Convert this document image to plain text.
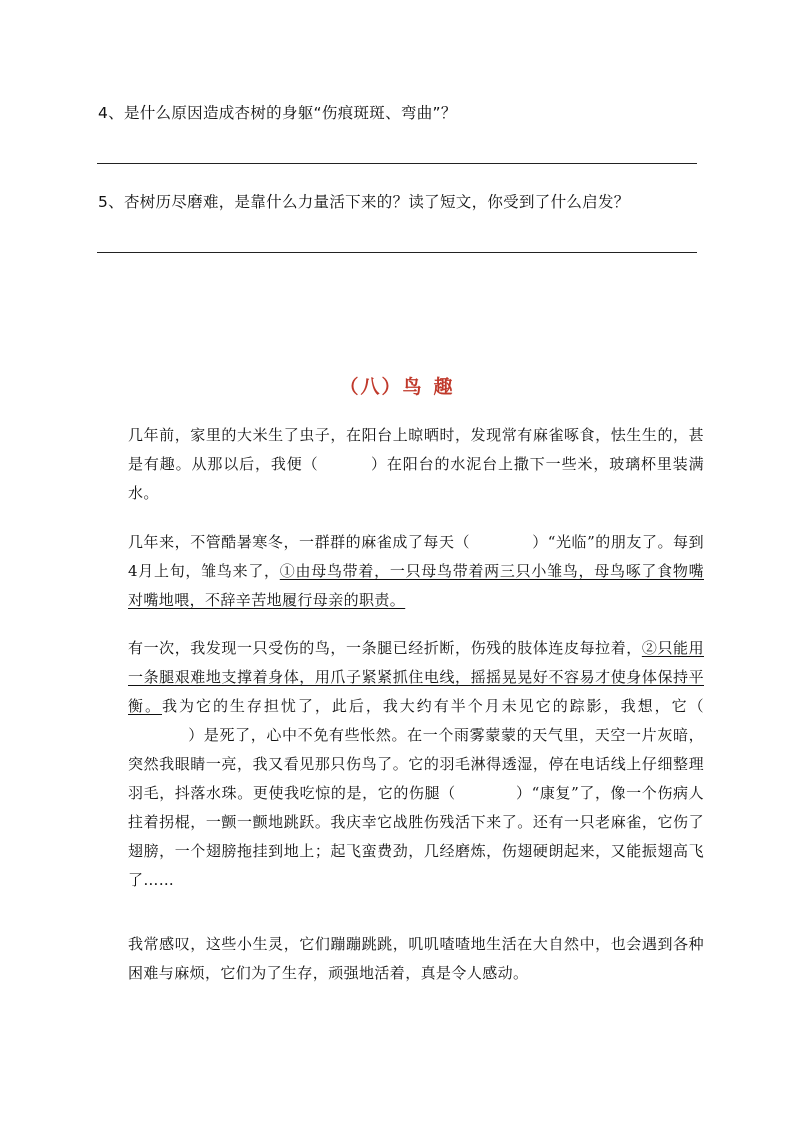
4、是什么原因造成杏树的身躯“伤痕斑斑、弯曲”？
5、杏树历尽磨难，是靠什么力量活下来的？读了短文，你受到了什么启发？
（八）鸟 趣

几年前，家里的大米生了虫子，在阳台上晾晒时，发现常有麻雀啄食，怯生生的，甚是有趣。从那以后，我便（	）在阳台的水泥台上撒下一些米，玻璃杯里装满水。

几年来，不管酷暑寒冬，一群群的麻雀成了每天（	）“光临”的朋友了。每到4月上旬，雏鸟来了，①由母鸟带着，一只母鸟带着两三只小雏鸟，母鸟啄了食物嘴对嘴地喂，不辞辛苦地履行母亲的职责。

有一次，我发现一只受伤的鸟，一条腿已经折断，伤残的肢体连皮每拉着，②只能用一条腿艰难地支撑着身体，用爪子紧紧抓住电线，摇摇晃晃好不容易才使身体保持平衡。我为它的生存担忧了，此后，我大约有半个月未见它的踪影，我想，它（）是死了，心中不免有些怅然。在一个雨雾蒙蒙的天气里，天空一片灰暗，突然我眼睛一亮，我又看见那只伤鸟了。它的羽毛淋得透湿，停在电话线上仔细整理羽毛，抖落水珠。更使我吃惊的是，它的伤腿（	）“康复”了，像一个伤病人拄着拐棍，一颤一颤地跳跃。我庆幸它战胜伤残活下来了。还有一只老麻雀，它伤了翅膀，一个翅膀拖挂到地上；起飞蛮费劲，几经磨炼，伤翅硬朗起来，又能振翅高飞了……

我常感叹，这些小生灵，它们蹦蹦跳跳，叽叽喳喳地生活在大自然中，也会遇到各种困难与麻烦，它们为了生存，顽强地活着，真是令人感动。
